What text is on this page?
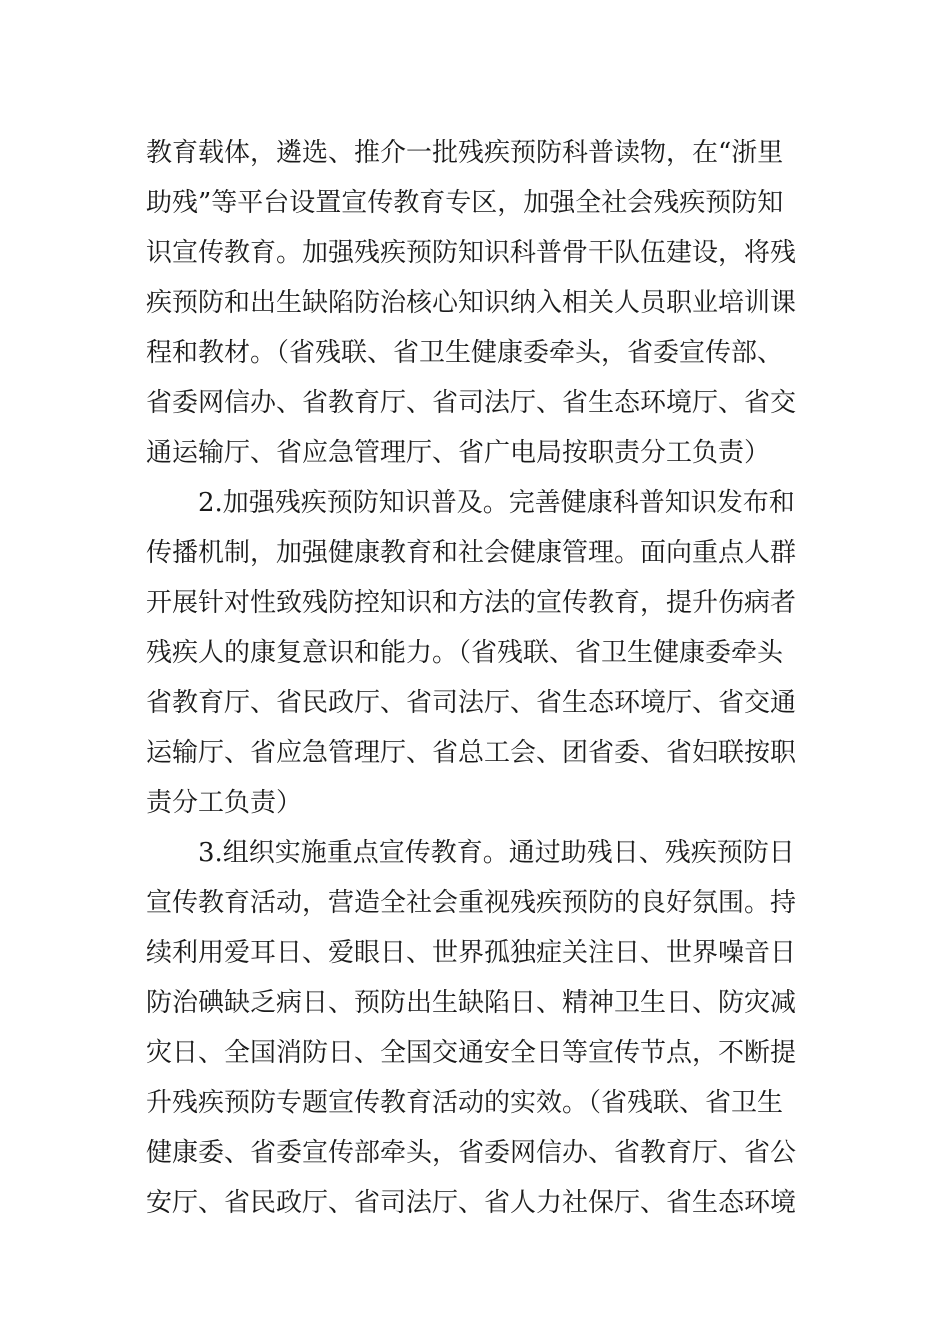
教育载体，遴选、推介一批残疾预防科普读物，在“浙里
助残”等平台设置宣传教育专区，加强全社会残疾预防知
识宣传教育。加强残疾预防知识科普骨干队伍建设，将残
疾预防和出生缺陷防治核心知识纳入相关人员职业培训课
程和教材。（省残联、省卫生健康委牵头，省委宣传部、
省委网信办、省教育厅、省司法厅、省生态环境厅、省交
通运输厅、省应急管理厅、省广电局按职责分工负责）
2.加强残疾预防知识普及。完善健康科普知识发布和
传播机制，加强健康教育和社会健康管理。面向重点人群
开展针对性致残防控知识和方法的宣传教育，提升伤病者
残疾人的康复意识和能力。（省残联、省卫生健康委牵头
省教育厅、省民政厅、省司法厅、省生态环境厅、省交通
运输厅、省应急管理厅、省总工会、团省委、省妇联按职
责分工负责）
3.组织实施重点宣传教育。通过助残日、残疾预防日
宣传教育活动，营造全社会重视残疾预防的良好氛围。持
续利用爱耳日、爱眼日、世界孤独症关注日、世界噪音日
防治碘缺乏病日、预防出生缺陷日、精神卫生日、防灾减
灾日、全国消防日、全国交通安全日等宣传节点，不断提
升残疾预防专题宣传教育活动的实效。（省残联、省卫生
健康委、省委宣传部牵头，省委网信办、省教育厅、省公
安厅、省民政厅、省司法厅、省人力社保厅、省生态环境
